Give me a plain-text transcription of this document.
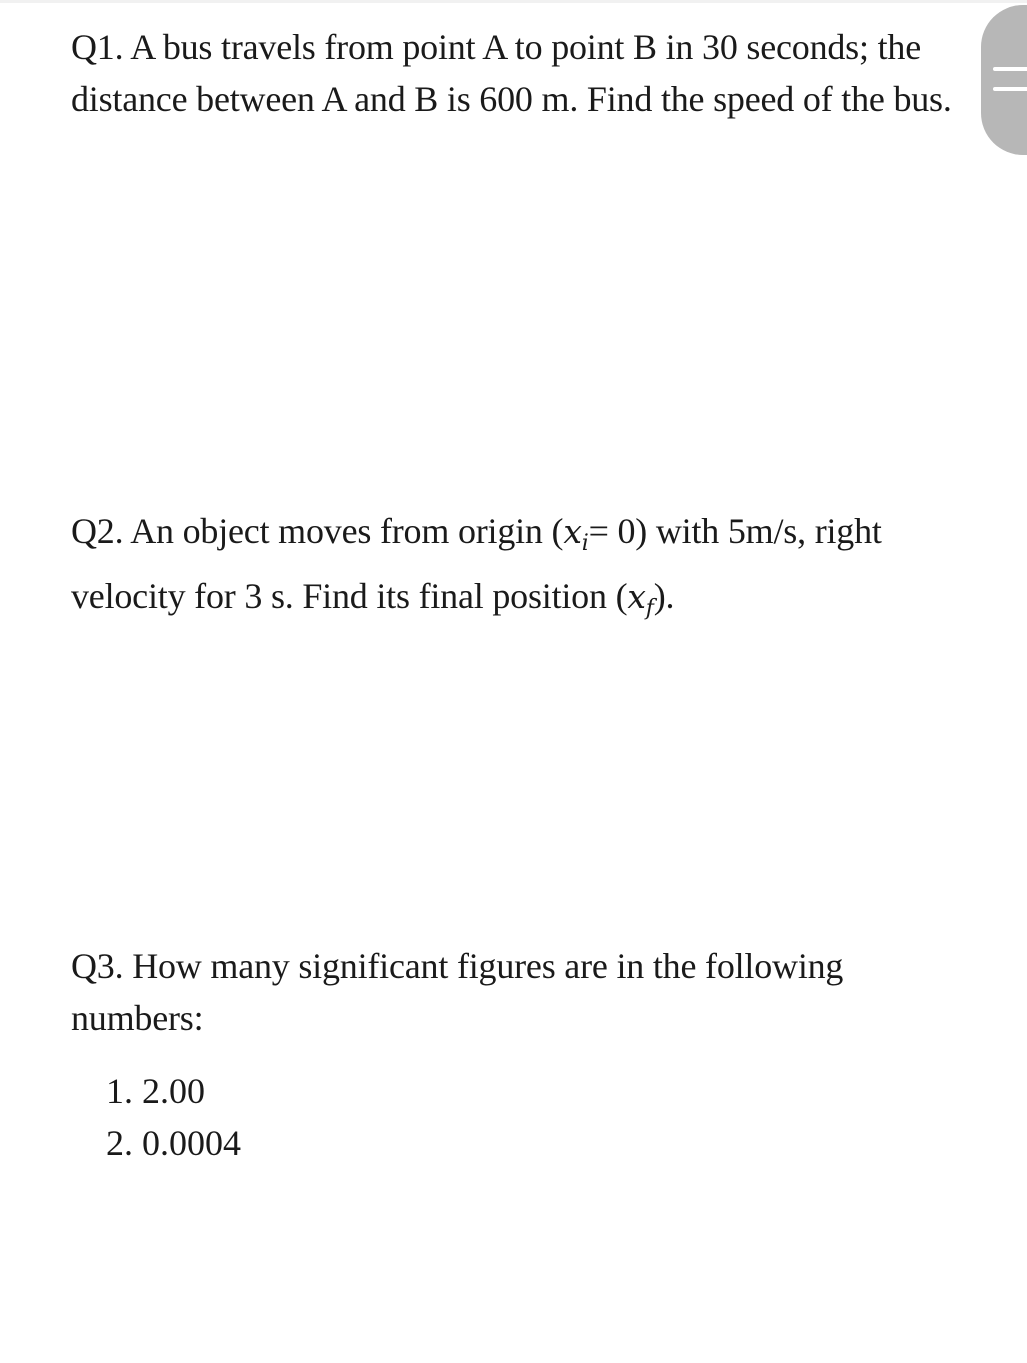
Q1. A bus travels from point A to point B in 30 seconds; the distance between A and B is 600 m. Find the speed of the bus.

Q2. An object moves from origin $(x_i= 0)$ with 5m/s, right velocity for 3 s. Find its final position $(x_f)$.

Q3. How many significant figures are in the following numbers:

1. 2.00
2. 0.0004
